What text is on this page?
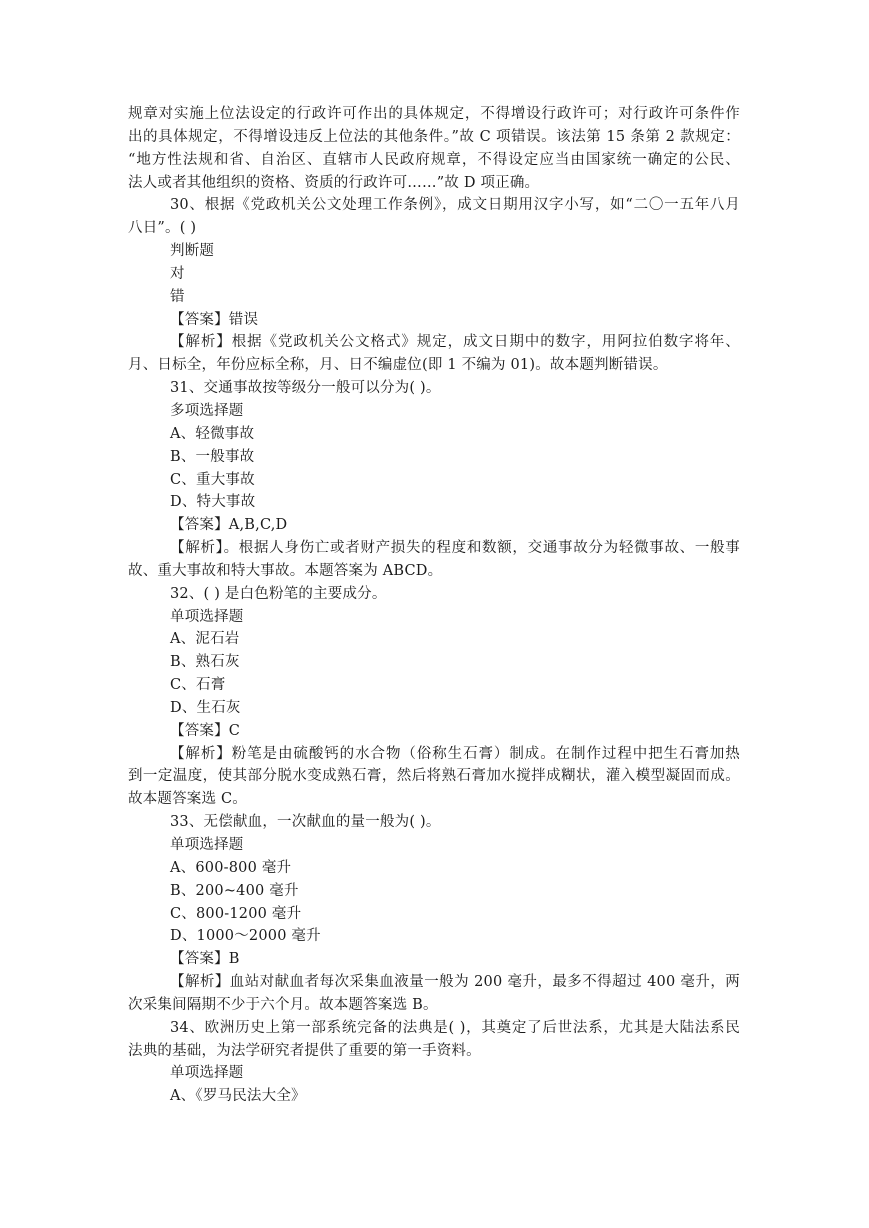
规章对实施上位法设定的行政许可作出的具体规定，不得增设行政许可；对行政许可条件作
出的具体规定，不得增设违反上位法的其他条件。”故 C 项错误。该法第 15 条第 2 款规定：
“地方性法规和省、自治区、直辖市人民政府规章，不得设定应当由国家统一确定的公民、
法人或者其他组织的资格、资质的行政许可……”故 D 项正确。
30、根据《党政机关公文处理工作条例》，成文日期用汉字小写，如“二〇一五年八月
八日”。( )
判断题
对
错
【答案】错误
【解析】根据《党政机关公文格式》规定，成文日期中的数字，用阿拉伯数字将年、
月、日标全，年份应标全称，月、日不编虚位(即 1 不编为 01)。故本题判断错误。
31、交通事故按等级分一般可以分为( )。
多项选择题
A、轻微事故
B、一般事故
C、重大事故
D、特大事故
【答案】A,B,C,D
【解析】。根据人身伤亡或者财产损失的程度和数额，交通事故分为轻微事故、一般事
故、重大事故和特大事故。本题答案为 ABCD。
32、( ) 是白色粉笔的主要成分。
单项选择题
A、泥石岩
B、熟石灰
C、石膏
D、生石灰
【答案】C
【解析】粉笔是由硫酸钙的水合物（俗称生石膏）制成。在制作过程中把生石膏加热
到一定温度，使其部分脱水变成熟石膏，然后将熟石膏加水搅拌成糊状，灌入模型凝固而成。
故本题答案选 C。
33、无偿献血，一次献血的量一般为( )。
单项选择题
A、600-800 毫升
B、200~400 毫升
C、800-1200 毫升
D、1000～2000 毫升
【答案】B
【解析】血站对献血者每次采集血液量一般为 200 毫升，最多不得超过 400 毫升，两
次采集间隔期不少于六个月。故本题答案选 B。
34、欧洲历史上第一部系统完备的法典是( )，其奠定了后世法系，尤其是大陆法系民
法典的基础，为法学研究者提供了重要的第一手资料。
单项选择题
A、《罗马民法大全》
